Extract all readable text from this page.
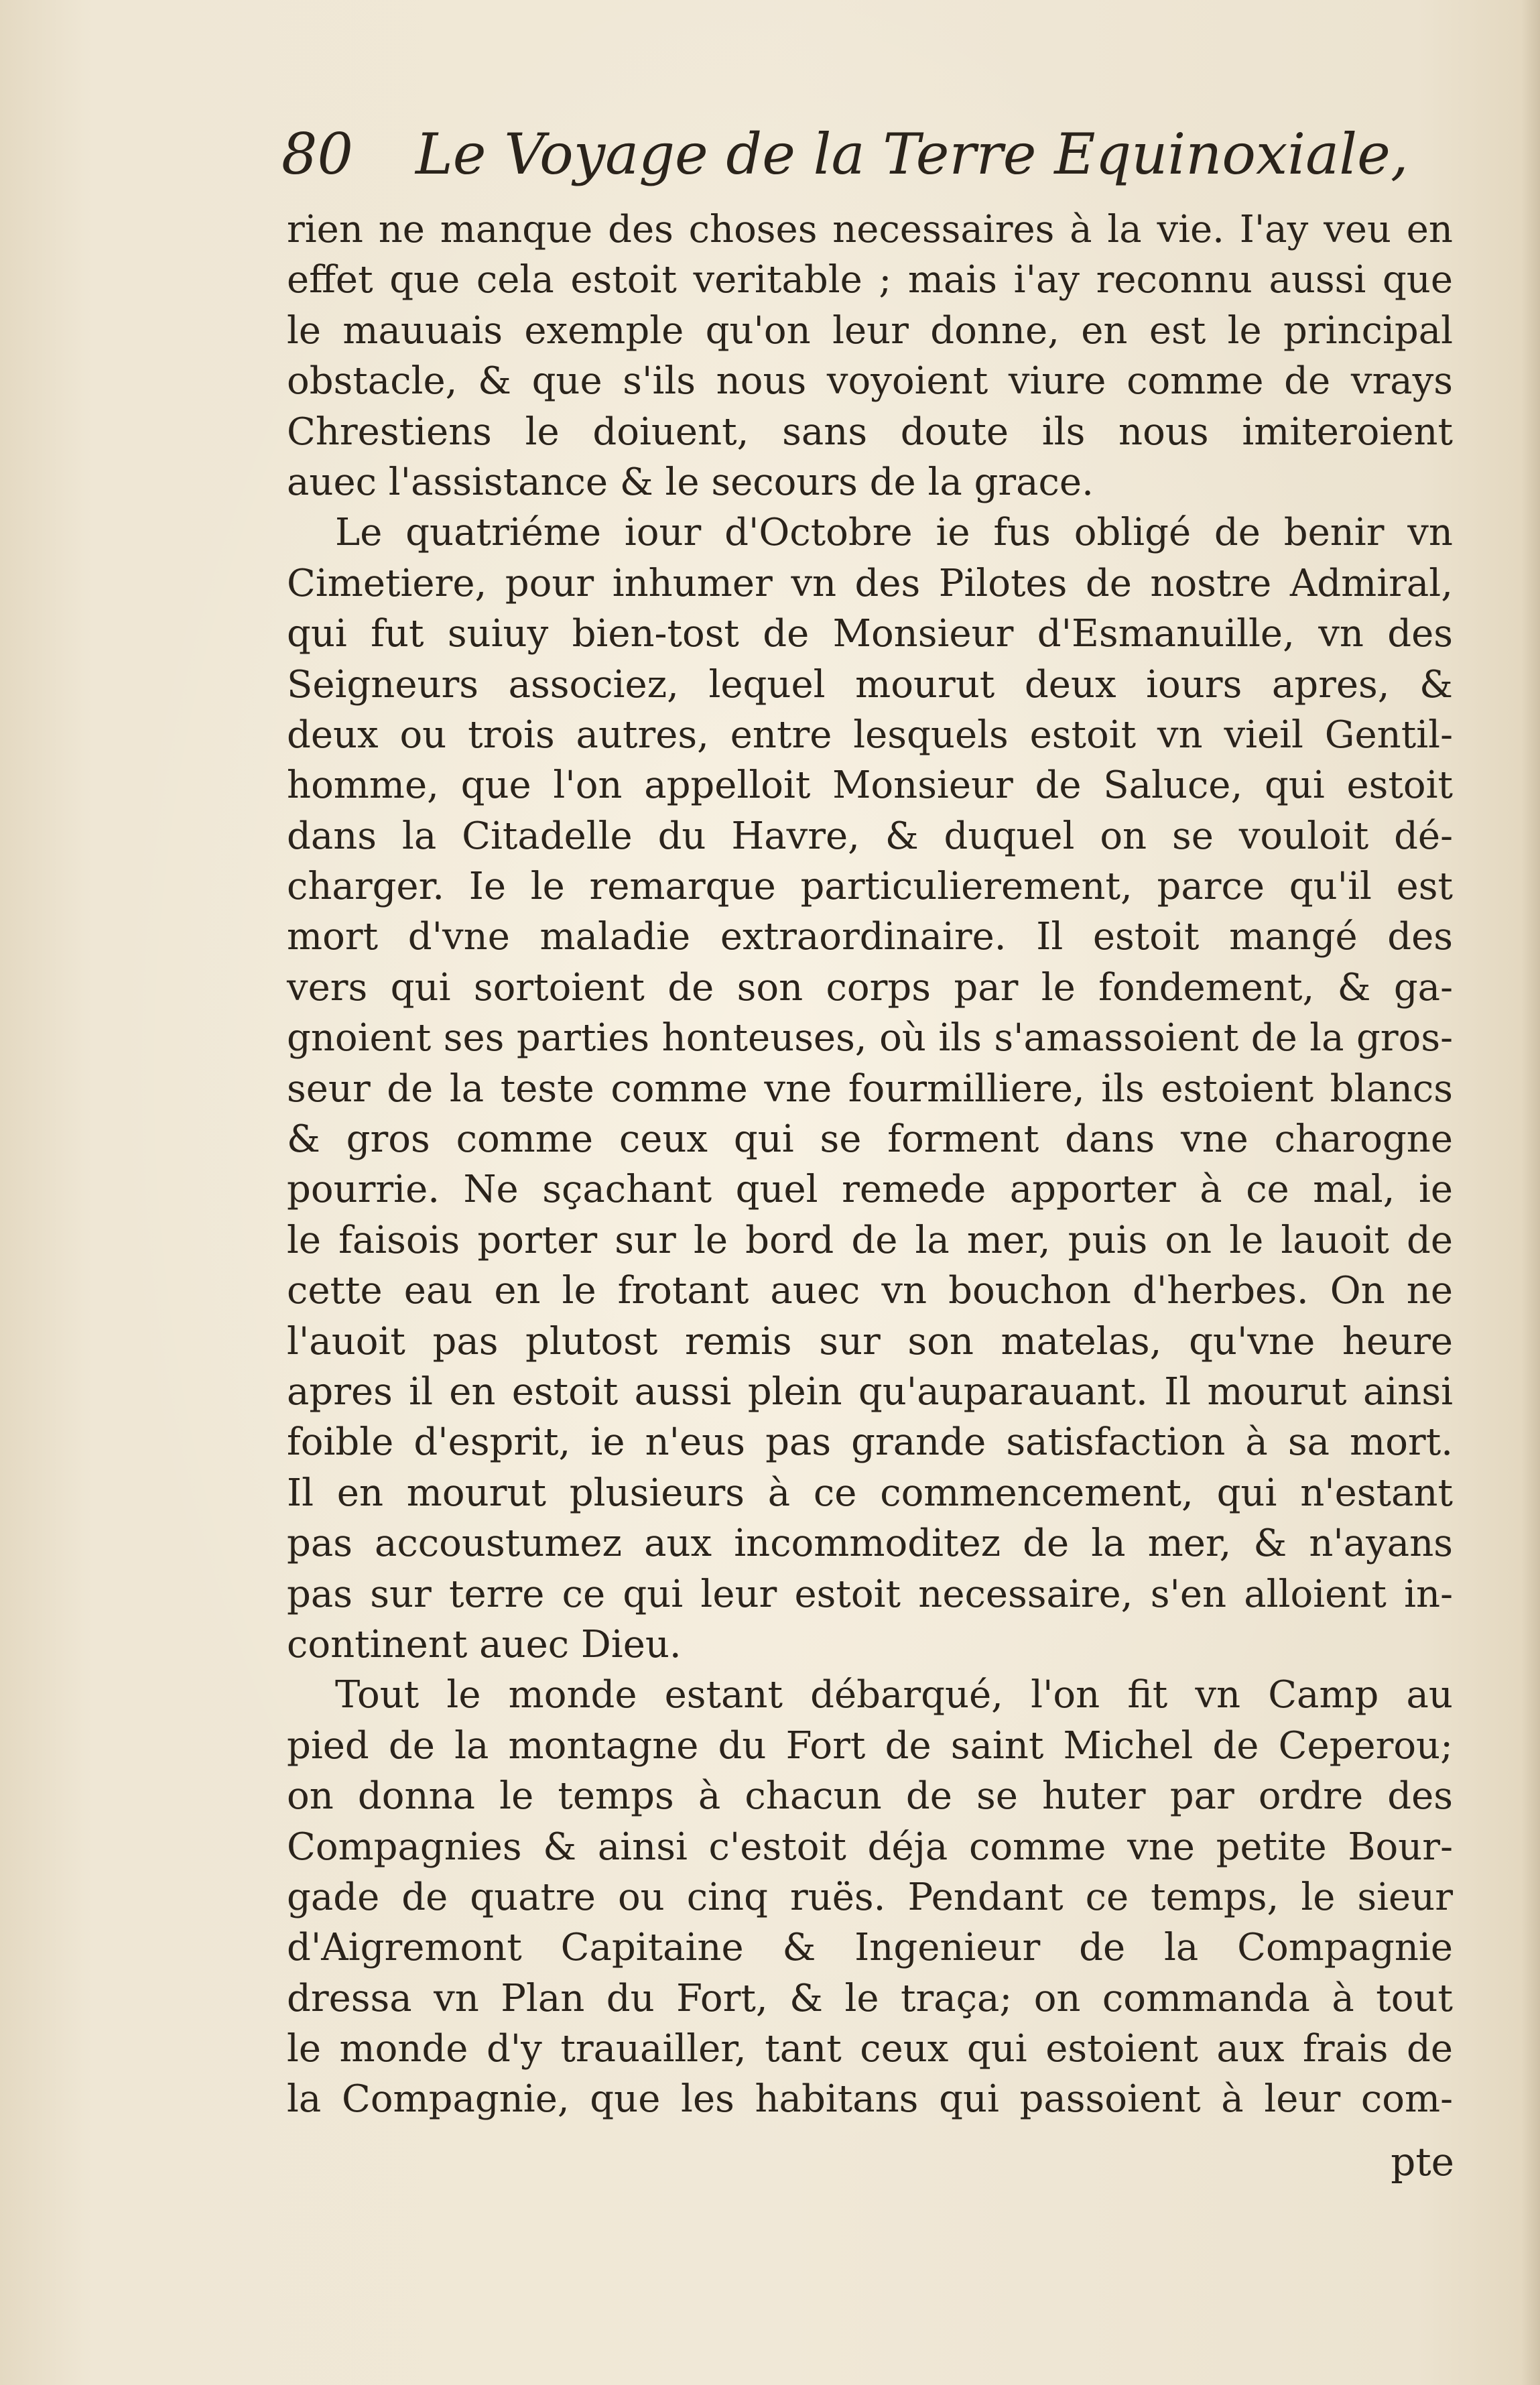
80 Le Voyage de la Terre Equinoxiale,
rien ne manque des choses necessaires à la vie. I'ay veu en
effet que cela estoit veritable ; mais i'ay reconnu aussi que
le mauuais exemple qu'on leur donne, en est le principal
obstacle, & que s'ils nous voyoient viure comme de vrays
Chrestiens le doiuent, sans doute ils nous imiteroient
auec l'assistance & le secours de la grace.
Le quatriéme iour d'Octobre ie fus obligé de benir vn
Cimetiere, pour inhumer vn des Pilotes de nostre Admiral,
qui fut suiuy bien-tost de Monsieur d'Esmanuille, vn des
Seigneurs associez, lequel mourut deux iours apres, &
deux ou trois autres, entre lesquels estoit vn vieil Gentil-
homme, que l'on appelloit Monsieur de Saluce, qui estoit
dans la Citadelle du Havre, & duquel on se vouloit dé-
charger. Ie le remarque particulierement, parce qu'il est
mort d'vne maladie extraordinaire. Il estoit mangé des
vers qui sortoient de son corps par le fondement, & ga-
gnoient ses parties honteuses, où ils s'amassoient de la gros-
seur de la teste comme vne fourmilliere, ils estoient blancs
& gros comme ceux qui se forment dans vne charogne
pourrie. Ne sçachant quel remede apporter à ce mal, ie
le faisois porter sur le bord de la mer, puis on le lauoit de
cette eau en le frotant auec vn bouchon d'herbes. On ne
l'auoit pas plutost remis sur son matelas, qu'vne heure
apres il en estoit aussi plein qu'auparauant. Il mourut ainsi
foible d'esprit, ie n'eus pas grande satisfaction à sa mort.
Il en mourut plusieurs à ce commencement, qui n'estant
pas accoustumez aux incommoditez de la mer, & n'ayans
pas sur terre ce qui leur estoit necessaire, s'en alloient in-
continent auec Dieu.
Tout le monde estant débarqué, l'on fit vn Camp au
pied de la montagne du Fort de saint Michel de Ceperou;
on donna le temps à chacun de se huter par ordre des
Compagnies & ainsi c'estoit déja comme vne petite Bour-
gade de quatre ou cinq ruës. Pendant ce temps, le sieur
d'Aigremont Capitaine & Ingenieur de la Compagnie
dressa vn Plan du Fort, & le traça; on commanda à tout
le monde d'y trauailler, tant ceux qui estoient aux frais de
la Compagnie, que les habitans qui passoient à leur com-
pte
